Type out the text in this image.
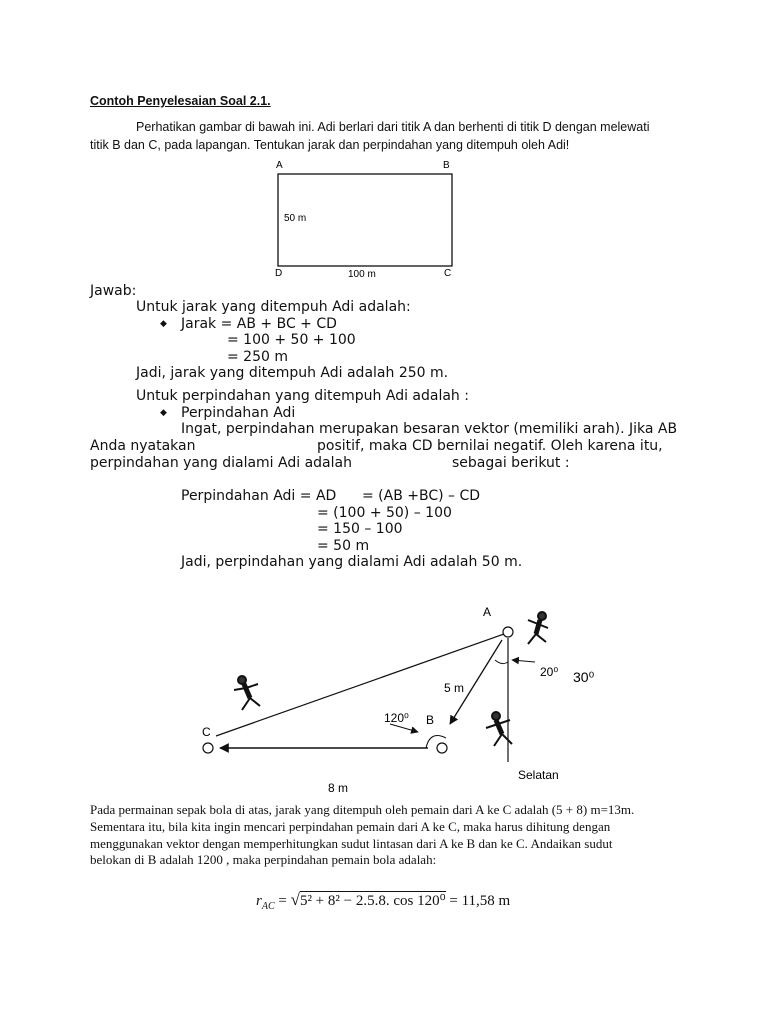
Contoh Penyelesaian Soal 2.1.
Perhatikan gambar di bawah ini. Adi berlari dari titik A dan berhenti di titik D dengan melewati
titik B dan C, pada lapangan. Tentukan jarak dan perpindahan yang ditempuh oleh Adi!
A	B
C
D
50 m
100 m
Jawab:
Untuk jarak yang ditempuh Adi adalah:
◆ Jarak = AB + BC + CD
= 100 + 50 + 100
= 250 m
Jadi, jarak yang ditempuh Adi adalah 250 m.
Untuk perpindahan yang ditempuh Adi adalah :
◆ Perpindahan Adi
Ingat, perpindahan merupakan besaran vektor (memiliki arah). Jika AB
Anda nyatakan	positif, maka CD bernilai negatif. Oleh karena itu,
perpindahan yang dialami Adi adalah	sebagai berikut :
Perpindahan Adi = AD = (AB +BC) – CD
= (100 + 50) – 100
= 150 – 100
= 50 m
Jadi, perpindahan yang dialami Adi adalah 50 m.
A
B
C
5 m
8 m
120⁰
20⁰ 30⁰
Selatan
Pada permainan sepak bola di atas, jarak yang ditempuh oleh pemain dari A ke C adalah (5 + 8) m=13m.
Sementara itu, bila kita ingin mencari perpindahan pemain dari A ke C, maka harus dihitung dengan
menggunakan vektor dengan memperhitungkan sudut lintasan dari A ke B dan ke C. Andaikan sudut
belokan di B adalah 1200 , maka perpindahan pemain bola adalah:
$r_{AC} = √5^2 + 8^2 - 2.5.8$. cos 120⁰ = 11,58 m
